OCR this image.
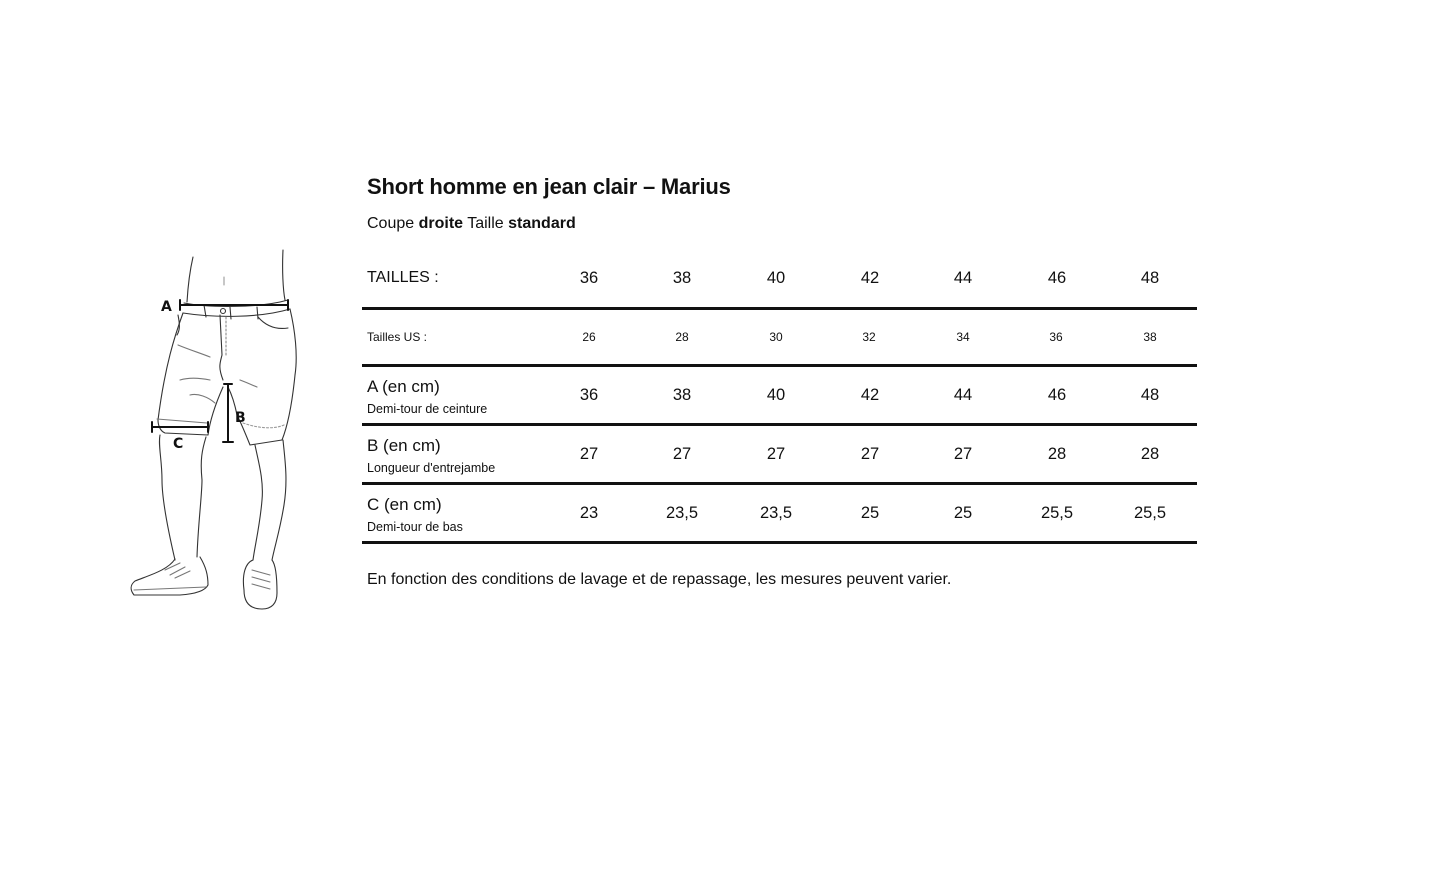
A
B
C
Short homme en jean clair – Marius
Coupe droite Taille standard
TAILLES :	36	38	40	42	44	46	48
Tailles US :	26	28	30	32	34	36	38
A (en cm)
Demi-tour de ceinture
36	38	40	42	44	46	48
B (en cm)
Longueur d'entrejambe
27	27	27	27	27	28	28
C (en cm)
Demi-tour de bas
23	23,5	23,5	25	25	25,5	25,5
En fonction des conditions de lavage et de repassage, les mesures peuvent varier.
